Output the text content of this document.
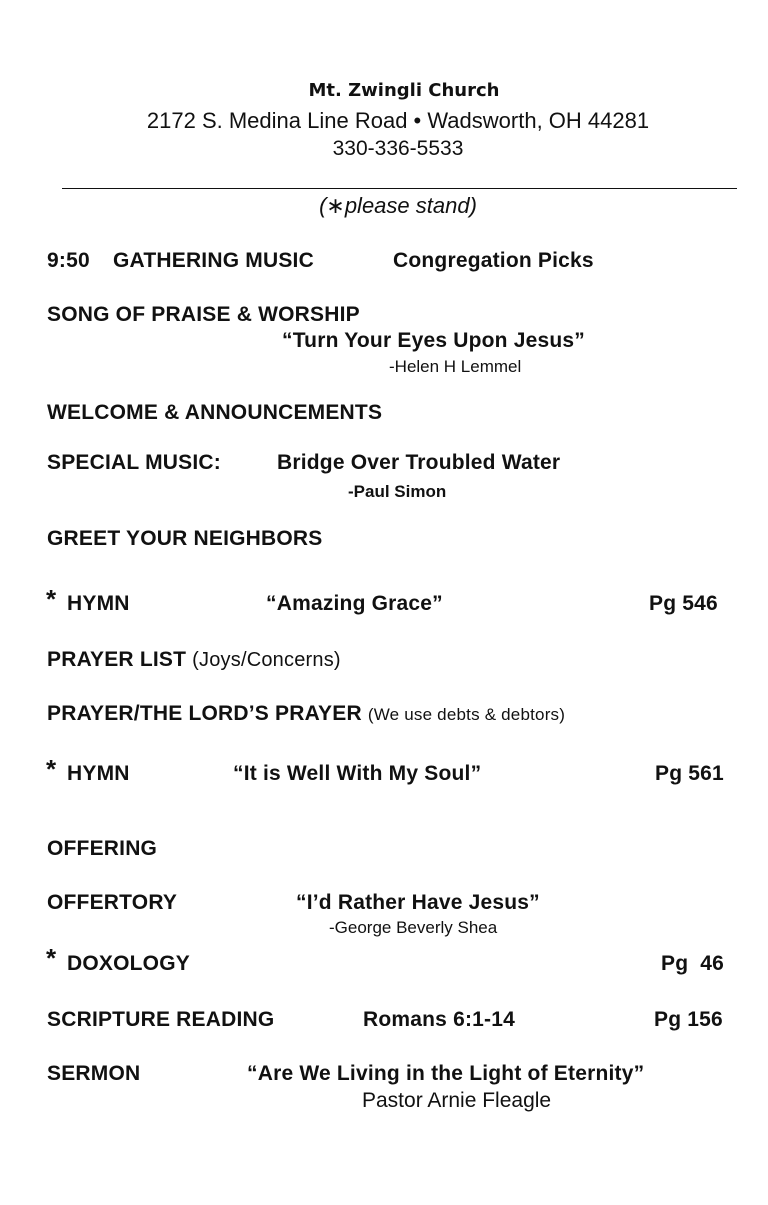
Mt. Zwingli Church
2172 S. Medina Line Road • Wadsworth, OH 44281
330-336-5533
(∗please stand)
9:50 GATHERING MUSIC	Congregation Picks
SONG OF PRAISE & WORSHIP
“Turn Your Eyes Upon Jesus”
-Helen H Lemmel
WELCOME & ANNOUNCEMENTS
SPECIAL MUSIC:	Bridge Over Troubled Water
-Paul Simon
GREET YOUR NEIGHBORS
* HYMN	“Amazing Grace”	Pg 546
PRAYER LIST (Joys/Concerns)
PRAYER/THE LORD’S PRAYER (We use debts & debtors)
* HYMN	“It is Well With My Soul”	Pg 561
OFFERING
OFFERTORY	“I’d Rather Have Jesus”
-George Beverly Shea
* DOXOLOGY	Pg  46
SCRIPTURE READING	Romans 6:1-14	Pg 156
SERMON	“Are We Living in the Light of Eternity”
Pastor Arnie Fleagle
